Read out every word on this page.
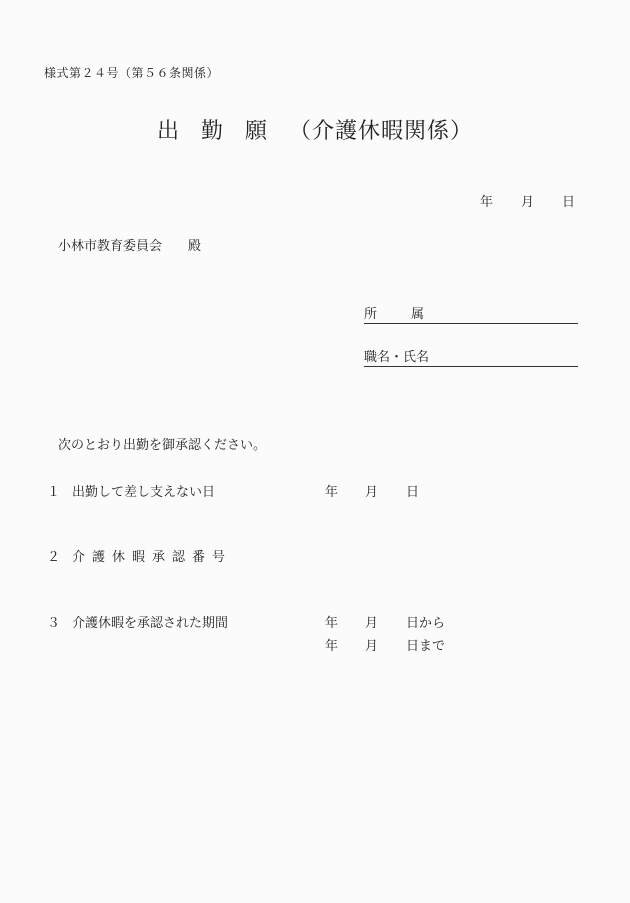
様式第２４号（第５６条関係）
出勤願（介護休暇関係）
年 月 日
小林市教育委員会 殿
所属
職名・氏名
次のとおり出勤を御承認ください。
１ 出勤して差し支えない日	年 月 日
２ 介護休暇承認番号
３ 介護休暇を承認された期間	年 月 日から
年 月 日まで
